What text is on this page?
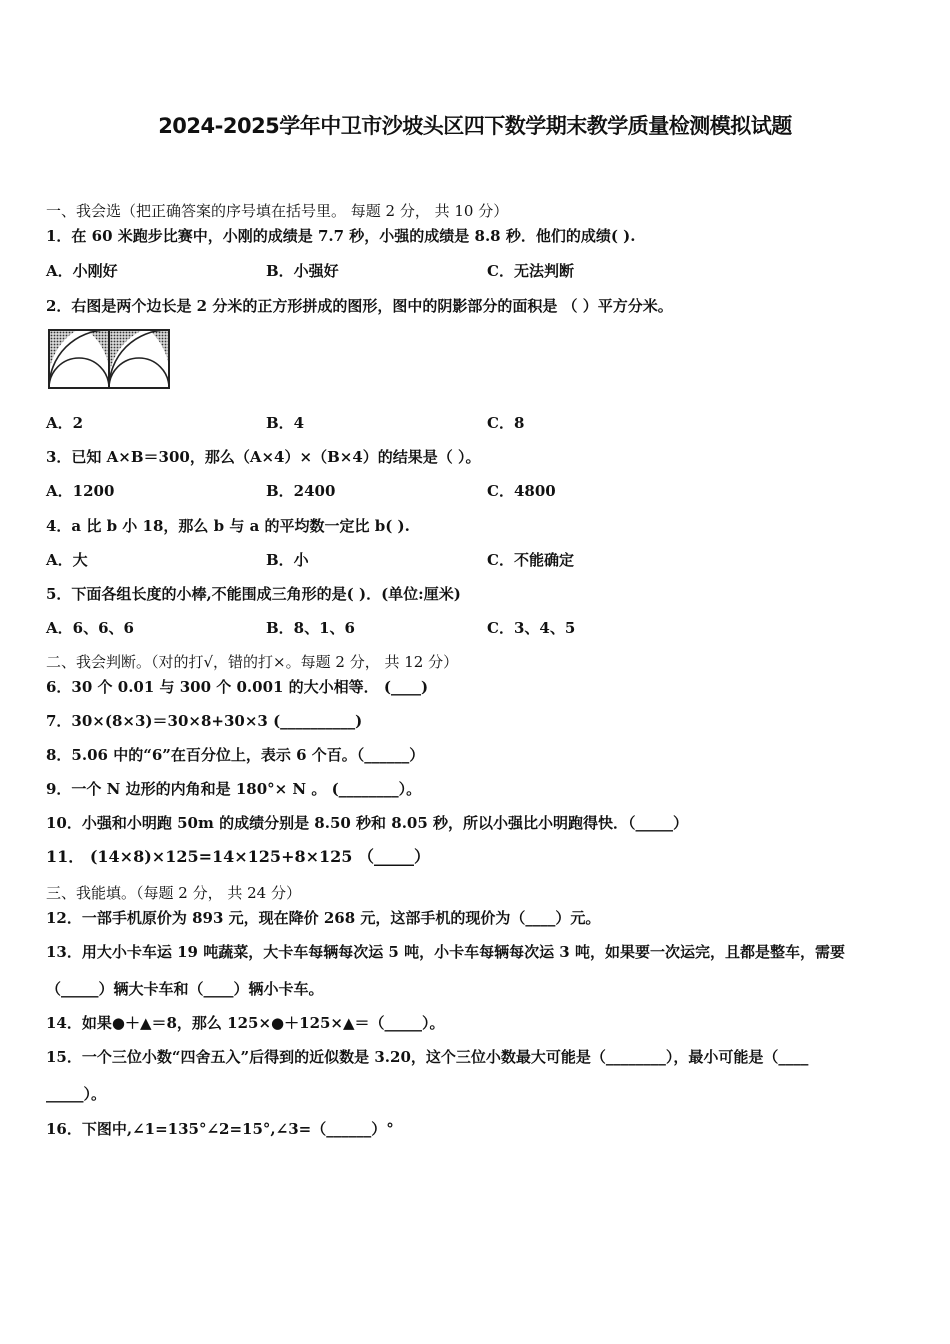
2024-2025学年中卫市沙坡头区四下数学期末教学质量检测模拟试题
一、我会选（把正确答案的序号填在括号里。 每题 2 分， 共 10 分）
1．在 60 米跑步比赛中，小刚的成绩是 7.7 秒，小强的成绩是 8.8 秒．他们的成绩( ).
A．小刚好	B．小强好	C．无法判断
2．右图是两个边长是 2 分米的正方形拼成的图形，图中的阴影部分的面积是 （ ）平方分米。
A．2	B．4	C．8
3．已知 A×B＝300，那么（A×4）×（B×4）的结果是（ ）。
A．1200	B．2400	C．4800
4．a 比 b 小 18，那么 b 与 a 的平均数一定比 b( ).
A．大	B．小	C．不能确定
5．下面各组长度的小棒,不能围成三角形的是( )．(单位:厘米)
A．6、6、6	B．8、1、6	C．3、4、5
二、我会判断。（对的打√，错的打×。每题 2 分， 共 12 分）
6．30 个 0.01 与 300 个 0.001 的大小相等． (____)
7．30×(8×3)＝30×8+30×3 (__________)
8．5.06 中的“6”在百分位上，表示 6 个百。（______）
9．一个 N 边形的内角和是 180°× N 。 (________）。
10．小强和小明跑 50m 的成绩分别是 8.50 秒和 8.05 秒，所以小强比小明跑得快．（_____）
11． (14×8)×125=14×125+8×125 （_____）
三、我能填。（每题 2 分， 共 24 分）
12．一部手机原价为 893 元，现在降价 268 元，这部手机的现价为（____）元。
13．用大小卡车运 19 吨蔬菜，大卡车每辆每次运 5 吨，小卡车每辆每次运 3 吨，如果要一次运完，且都是整车，需要
（_____）辆大卡车和（____）辆小卡车。
14．如果●＋▲＝8，那么 125×●＋125×▲＝（_____）。
15．一个三位小数“四舍五入”后得到的近似数是 3.20，这个三位小数最大可能是（________），最小可能是（____
_____）。
16．下图中,∠1=135°∠2=15°,∠3=（______）°
